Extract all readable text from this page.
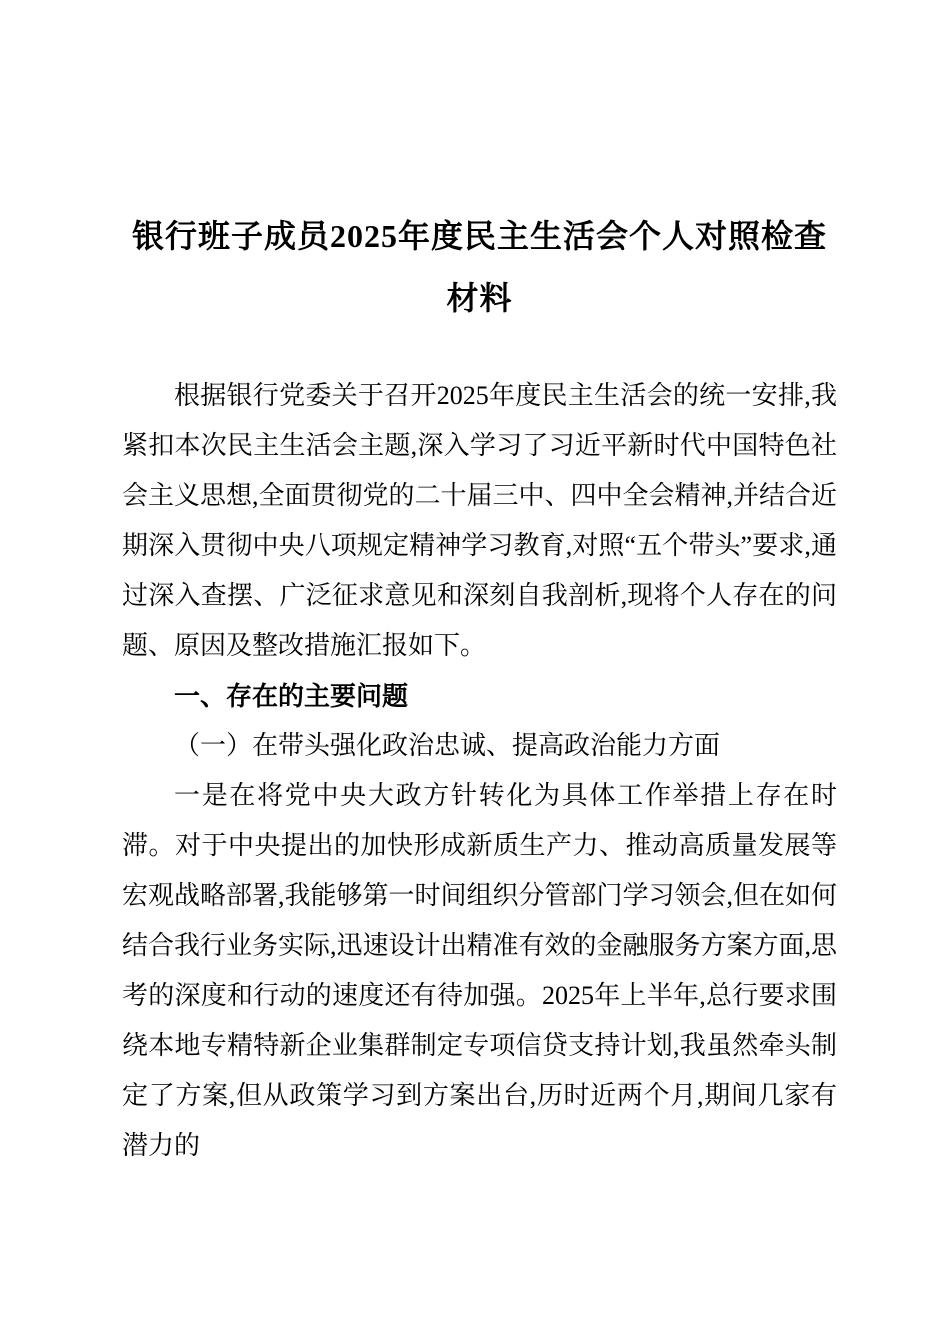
银行班子成员2025年度民主生活会个人对照检查材料

根据银行党委关于召开2025年度民主生活会的统一安排,我紧扣本次民主生活会主题,深入学习了习近平新时代中国特色社会主义思想,全面贯彻党的二十届三中、四中全会精神,并结合近期深入贯彻中央八项规定精神学习教育,对照“五个带头”要求,通过深入查摆、广泛征求意见和深刻自我剖析,现将个人存在的问题、原因及整改措施汇报如下。

一、存在的主要问题
（一）在带头强化政治忠诚、提高政治能力方面

一是在将党中央大政方针转化为具体工作举措上存在时滞。对于中央提出的加快形成新质生产力、推动高质量发展等宏观战略部署,我能够第一时间组织分管部门学习领会,但在如何结合我行业务实际,迅速设计出精准有效的金融服务方案方面,思考的深度和行动的速度还有待加强。2025年上半年,总行要求围绕本地专精特新企业集群制定专项信贷支持计划,我虽然牵头制定了方案,但从政策学习到方案出台,历时近两个月,期间几家有潜力的
